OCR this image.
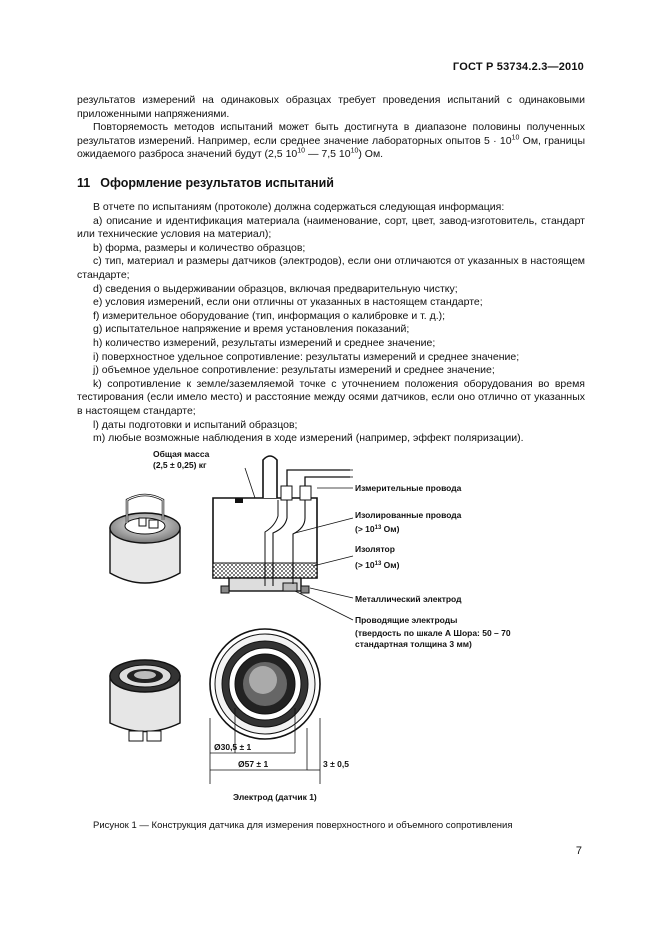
ГОСТ Р 53734.2.3—2010

результатов измерений на одинаковых образцах требует проведения испытаний с одинаковыми приложенными напряжениями.

Повторяемость методов испытаний может быть достигнута в диапазоне половины полученных результатов измерений. Например, если среднее значение лабораторных опытов $5 \cdot 10^{10}$ Ом, границы ожидаемого разброса значений будут (2,5 $10^{10}$ — 7,5 $10^{10}$) Ом.

11 Оформление результатов испытаний

В отчете по испытаниям (протоколе) должна содержаться следующая информация:

a) описание и идентификация материала (наименование, сорт, цвет, завод-изготовитель, стандарт или технические условия на материал);

b) форма, размеры и количество образцов;

c) тип, материал и размеры датчиков (электродов), если они отличаются от указанных в настоящем стандарте;

d) сведения о выдерживании образцов, включая предварительную чистку;

e) условия измерений, если они отличны от указанных в настоящем стандарте;

f) измерительное оборудование (тип, информация о калибровке и т. д.);

g) испытательное напряжение и время установления показаний;

h) количество измерений, результаты измерений и среднее значение;

i) поверхностное удельное сопротивление: результаты измерений и среднее значение;

j) объемное удельное сопротивление: результаты измерений и среднее значение;

k) сопротивление к земле/заземляемой точке с уточнением положения оборудования во время тестирования (если имело место) и расстояние между осями датчиков, если оно отлично от указанных в настоящем стандарте;

l) даты подготовки и испытаний образцов;

m) любые возможные наблюдения в ходе измерений (например, эффект поляризации).

Общая масса
(2,5 ± 0,25) кг
Измерительные провода
Изолированные провода
(> $10^{13}$ Ом)
Изолятор
(> $10^{13}$ Ом)
Металлический электрод
Проводящие электроды
(твердость по шкале А Шора: 50 – 70
стандартная толщина 3 мм)
Ø30,5 ± 1
Ø57 ± 1	3 ± 0,5
Электрод (датчик 1)
Рисунок 1 — Конструкция датчика для измерения поверхностного и объемного сопротивления
7
